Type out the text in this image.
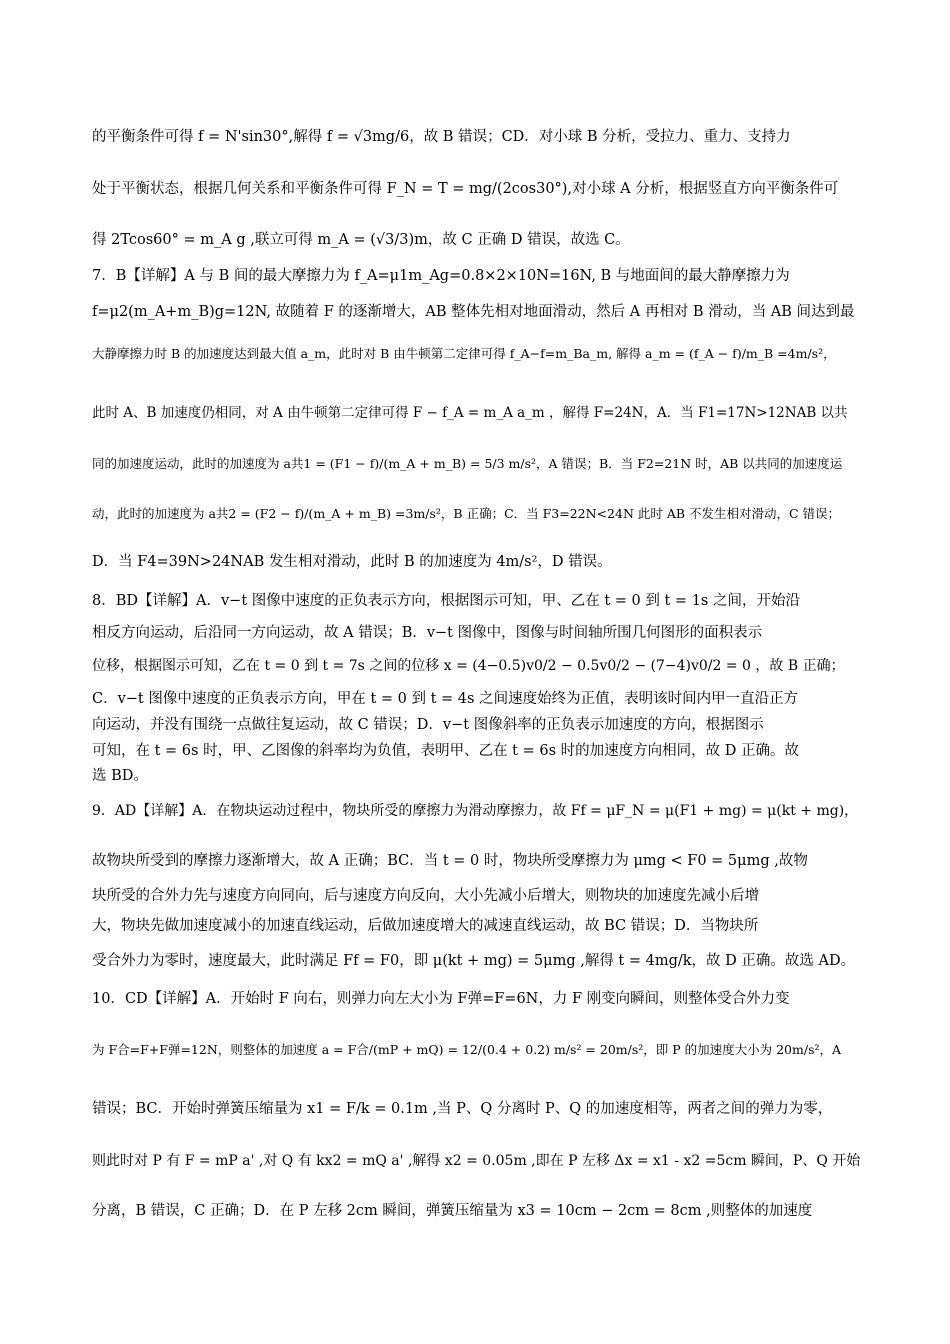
的平衡条件可得 f = N'sin30°,解得 f = √3mg/6，故 B 错误；CD．对小球 B 分析，受拉力、重力、支持力
处于平衡状态，根据几何关系和平衡条件可得 F_N = T = mg/(2cos30°),对小球 A 分析，根据竖直方向平衡条件可
得 2Tcos60° = m_A g ,联立可得 m_A = (√3/3)m，故 C 正确 D 错误，故选 C。
7．B【详解】A 与 B 间的最大摩擦力为 f_A=μ1m_Ag=0.8×2×10N=16N, B 与地面间的最大静摩擦力为
f=μ2(m_A+m_B)g=12N, 故随着 F 的逐渐增大，AB 整体先相对地面滑动，然后 A 再相对 B 滑动，当 AB 间达到最
大静摩擦力时 B 的加速度达到最大值 a_m，此时对 B 由牛顿第二定律可得 f_A−f=m_Ba_m, 解得 a_m = (f_A − f)/m_B =4m/s²，
此时 A、B 加速度仍相同，对 A 由牛顿第二定律可得 F − f_A = m_A a_m ，解得 F=24N，A．当 F1=17N>12NAB 以共
同的加速度运动，此时的加速度为 a共1 = (F1 − f)/(m_A + m_B) = 5/3 m/s²，A 错误；B．当 F2=21N 时，AB 以共同的加速度运
动，此时的加速度为 a共2 = (F2 − f)/(m_A + m_B) =3m/s²，B 正确；C．当 F3=22N<24N 此时 AB 不发生相对滑动，C 错误；
D．当 F4=39N>24NAB 发生相对滑动，此时 B 的加速度为 4m/s²，D 错误。
8．BD【详解】A．v−t 图像中速度的正负表示方向，根据图示可知，甲、乙在 t = 0 到 t = 1s 之间，开始沿
相反方向运动，后沿同一方向运动，故 A 错误；B．v−t 图像中，图像与时间轴所围几何图形的面积表示
位移，根据图示可知，乙在 t = 0 到 t = 7s 之间的位移 x = (4−0.5)v0/2 − 0.5v0/2 − (7−4)v0/2 = 0 ，故 B 正确；
C．v−t 图像中速度的正负表示方向，甲在 t = 0 到 t = 4s 之间速度始终为正值，表明该时间内甲一直沿正方
向运动，并没有围绕一点做往复运动，故 C 错误；D．v−t 图像斜率的正负表示加速度的方向，根据图示
可知，在 t = 6s 时，甲、乙图像的斜率均为负值，表明甲、乙在 t = 6s 时的加速度方向相同，故 D 正确。故
选 BD。
9．AD【详解】A．在物块运动过程中，物块所受的摩擦力为滑动摩擦力，故 Ff = μF_N = μ(F1 + mg) = μ(kt + mg)，
故物块所受到的摩擦力逐渐增大，故 A 正确；BC．当 t = 0 时，物块所受摩擦力为 μmg < F0 = 5μmg ,故物
块所受的合外力先与速度方向同向，后与速度方向反向，大小先减小后增大，则物块的加速度先减小后增
大，物块先做加速度减小的加速直线运动，后做加速度增大的减速直线运动，故 BC 错误；D．当物块所
受合外力为零时，速度最大，此时满足 Ff = F0，即 μ(kt + mg) = 5μmg ,解得 t = 4mg/k，故 D 正确。故选 AD。
10．CD【详解】A．开始时 F 向右，则弹力向左大小为 F弹=F=6N，力 F 刚变向瞬间，则整体受合外力变
为 F合=F+F弹=12N，则整体的加速度 a = F合/(mP + mQ) = 12/(0.4 + 0.2) m/s² = 20m/s²，即 P 的加速度大小为 20m/s²，A
错误；BC．开始时弹簧压缩量为 x1 = F/k = 0.1m ,当 P、Q 分离时 P、Q 的加速度相等，两者之间的弹力为零，
则此时对 P 有 F = mP a' ,对 Q 有 kx2 = mQ a' ,解得 x2 = 0.05m ,即在 P 左移 Δx = x1 - x2 =5cm 瞬间，P、Q 开始
分离，B 错误，C 正确；D．在 P 左移 2cm 瞬间，弹簧压缩量为 x3 = 10cm − 2cm = 8cm ,则整体的加速度
